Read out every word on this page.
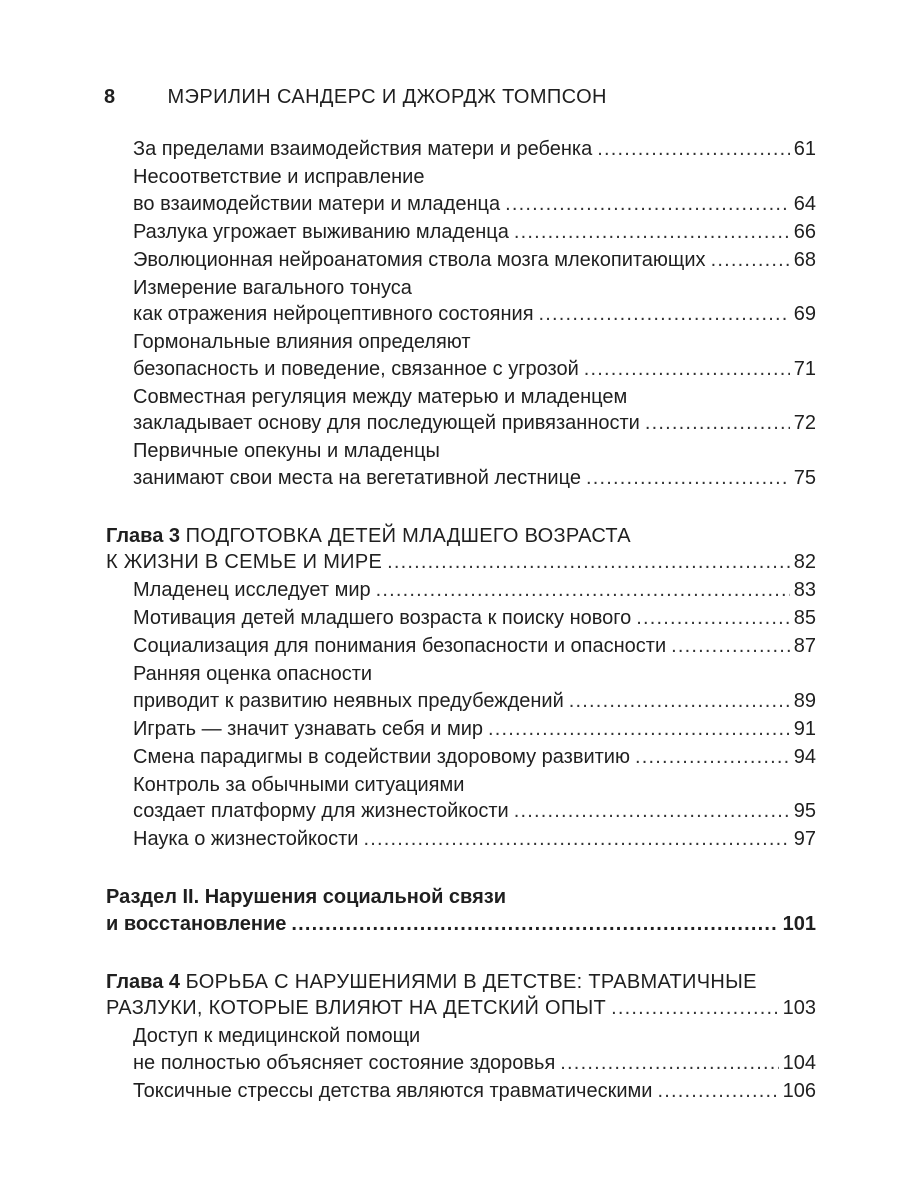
8	МЭРИЛИН САНДЕРС И ДЖОРДЖ ТОМПСОН
За пределами взаимодействия матери и ребенка .....	61
Несоответствие и исправление
во взаимодействии матери и младенца .....	64
Разлука угрожает выживанию младенца .....	66
Эволюционная нейроанатомия ствола мозга млекопитающих .....	68
Измерение вагального тонуса
как отражения нейроцептивного состояния .....	69
Гормональные влияния определяют
безопасность и поведение, связанное с угрозой .....	71
Совместная регуляция между матерью и младенцем
закладывает основу для последующей привязанности .....	72
Первичные опекуны и младенцы
занимают свои места на вегетативной лестнице .....	75
Глава 3 ПОДГОТОВКА ДЕТЕЙ МЛАДШЕГО ВОЗРАСТА
К ЖИЗНИ В СЕМЬЕ И МИРЕ .....	82
Младенец исследует мир .....	83
Мотивация детей младшего возраста к поиску нового .....	85
Социализация для понимания безопасности и опасности .....	87
Ранняя оценка опасности
приводит к развитию неявных предубеждений .....	89
Играть — значит узнавать себя и мир .....	91
Смена парадигмы в содействии здоровому развитию .....	94
Контроль за обычными ситуациями
создает платформу для жизнестойкости .....	95
Наука о жизнестойкости .....	97
Раздел II. Нарушения социальной связи
и восстановление .....	101
Глава 4 БОРЬБА С НАРУШЕНИЯМИ В ДЕТСТВЕ: ТРАВМАТИЧНЫЕ
РАЗЛУКИ, КОТОРЫЕ ВЛИЯЮТ НА ДЕТСКИЙ ОПЫТ .....	103
Доступ к медицинской помощи
не полностью объясняет состояние здоровья .....	104
Токсичные стрессы детства являются травматическими .....	106
